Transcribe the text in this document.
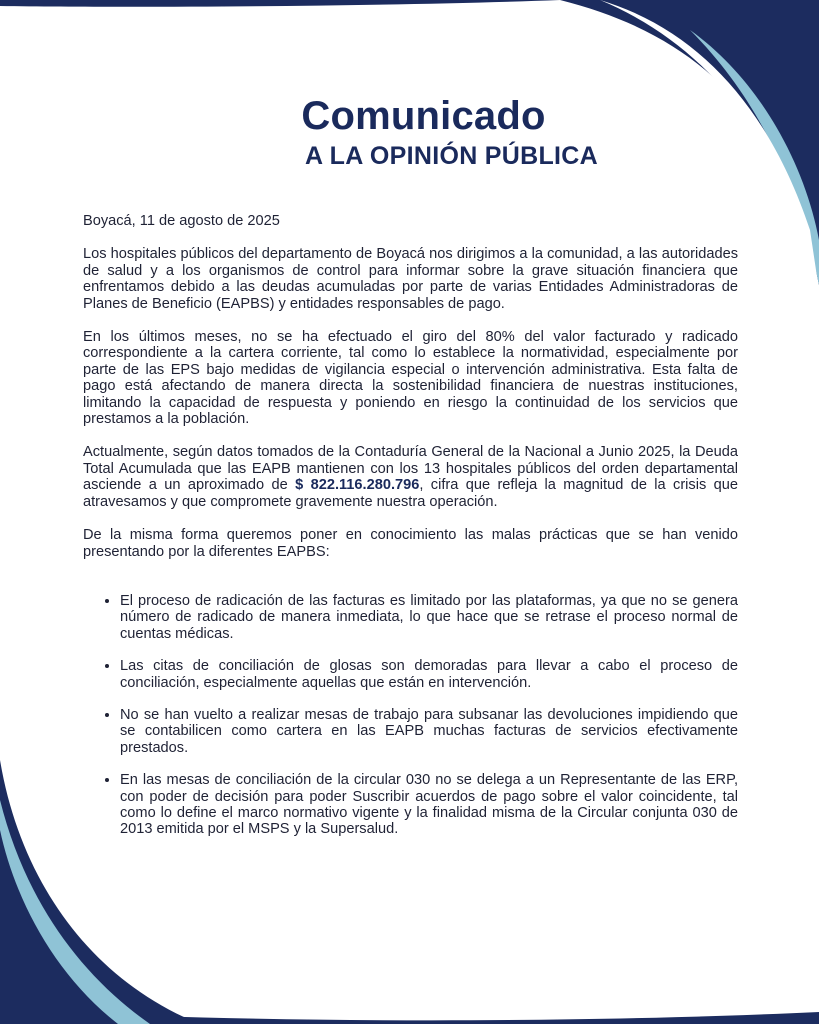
Comunicado
A LA OPINIÓN PÚBLICA

Boyacá, 11 de agosto de 2025

Los hospitales públicos del departamento de Boyacá nos dirigimos a la comunidad, a las autoridades de salud y a los organismos de control para informar sobre la grave situación financiera que enfrentamos debido a las deudas acumuladas por parte de varias Entidades Administradoras de Planes de Beneficio (EAPBS) y entidades responsables de pago.

En los últimos meses, no se ha efectuado el giro del 80% del valor facturado y radicado correspondiente a la cartera corriente, tal como lo establece la normatividad, especialmente por parte de las EPS bajo medidas de vigilancia especial o intervención administrativa. Esta falta de pago está afectando de manera directa la sostenibilidad financiera de nuestras instituciones, limitando la capacidad de respuesta y poniendo en riesgo la continuidad de los servicios que prestamos a la población.

Actualmente, según datos tomados de la Contaduría General de la Nacional a Junio 2025, la Deuda Total Acumulada que las EAPB mantienen con los 13 hospitales públicos del orden departamental asciende a un aproximado de $ 822.116.280.796, cifra que refleja la magnitud de la crisis que atravesamos y que compromete gravemente nuestra operación.

De la misma forma queremos poner en conocimiento las malas prácticas que se han venido presentando por la diferentes EAPBS:

• El proceso de radicación de las facturas es limitado por las plataformas, ya que no se genera número de radicado de manera inmediata, lo que hace que se retrase el proceso normal de cuentas médicas.
• Las citas de conciliación de glosas son demoradas para llevar a cabo el proceso de conciliación, especialmente aquellas que están en intervención.
• No se han vuelto a realizar mesas de trabajo para subsanar las devoluciones impidiendo que se contabilicen como cartera en las EAPB muchas facturas de servicios efectivamente prestados.
• En las mesas de conciliación de la circular 030 no se delega a un Representante de las ERP, con poder de decisión para poder Suscribir acuerdos de pago sobre el valor coincidente, tal como lo define el marco normativo vigente y la finalidad misma de la Circular conjunta 030 de 2013 emitida por el MSPS y la Supersalud.
